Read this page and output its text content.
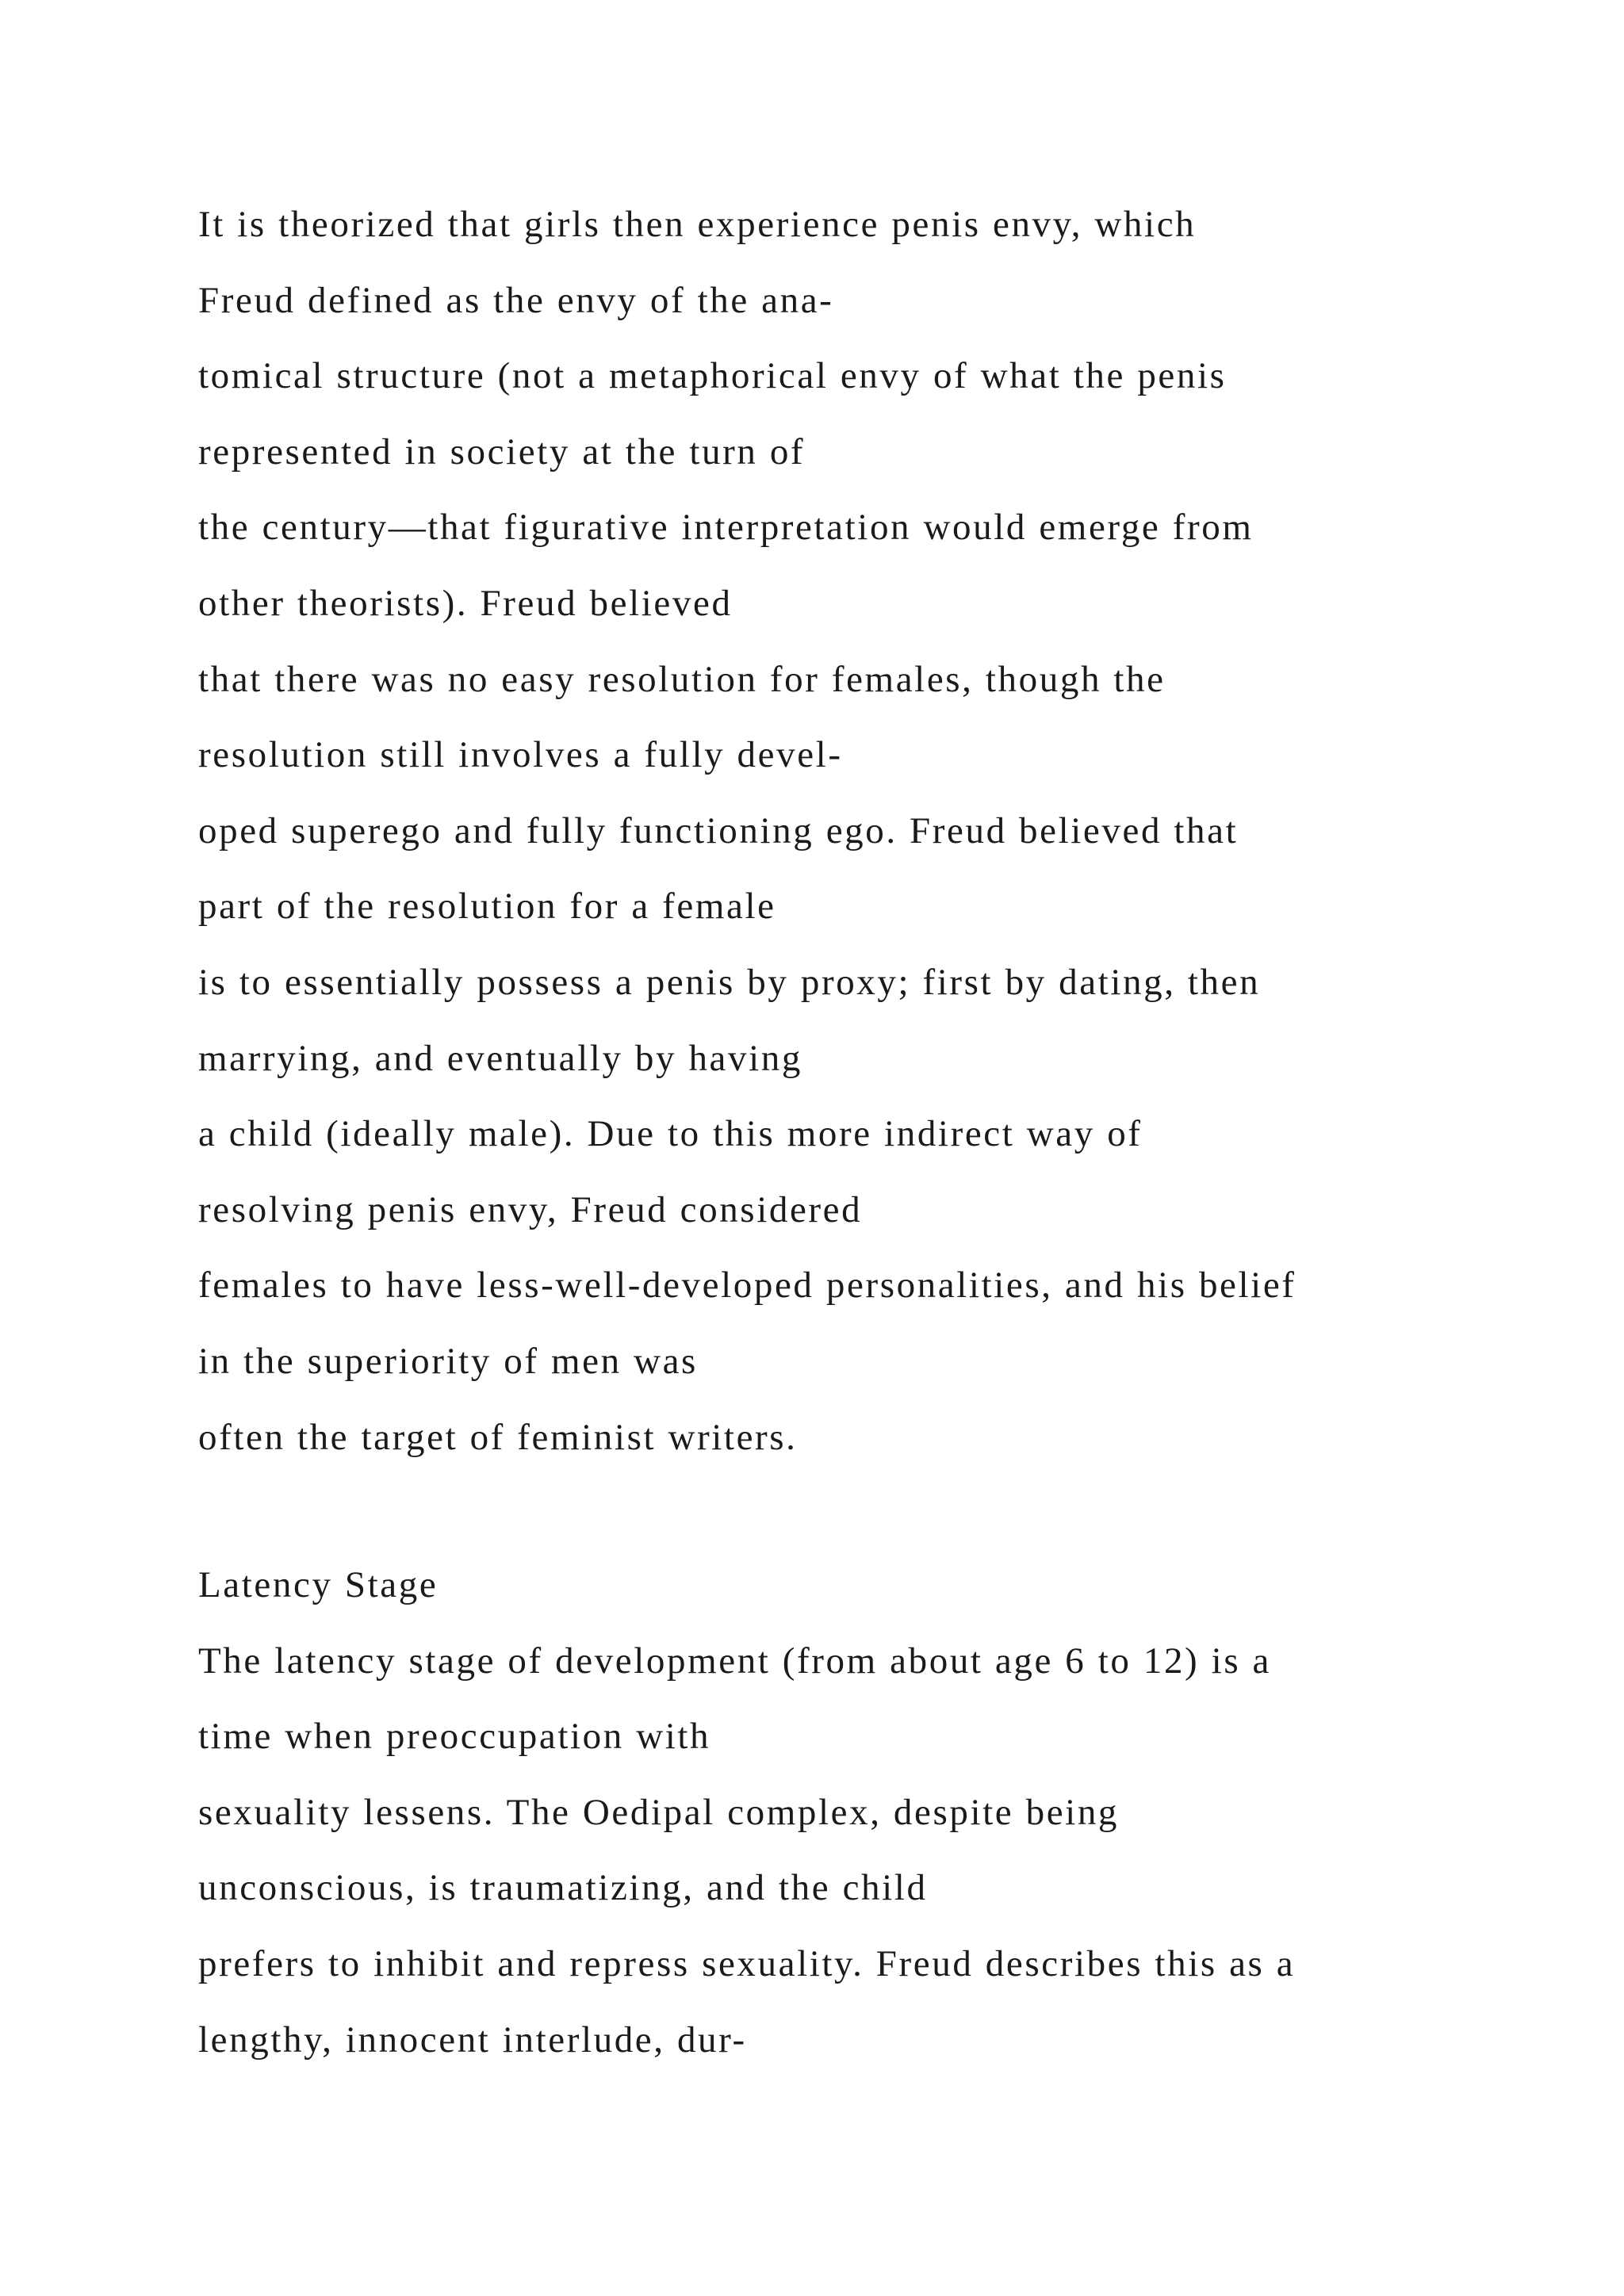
It is theorized that girls then experience penis envy, which
Freud defined as the envy of the ana-
tomical structure (not a metaphorical envy of what the penis
represented in society at the turn of
the century—that figurative interpretation would emerge from
other theorists). Freud believed
that there was no easy resolution for females, though the
resolution still involves a fully devel-
oped superego and fully functioning ego. Freud believed that
part of the resolution for a female
is to essentially possess a penis by proxy; first by dating, then
marrying, and eventually by having
a child (ideally male). Due to this more indirect way of
resolving penis envy, Freud considered
females to have less-well-developed personalities, and his belief
in the superiority of men was
often the target of feminist writers.
Latency Stage
The latency stage of development (from about age 6 to 12) is a
time when preoccupation with
sexuality lessens. The Oedipal complex, despite being
unconscious, is traumatizing, and the child
prefers to inhibit and repress sexuality. Freud describes this as a
lengthy, innocent interlude, dur-
